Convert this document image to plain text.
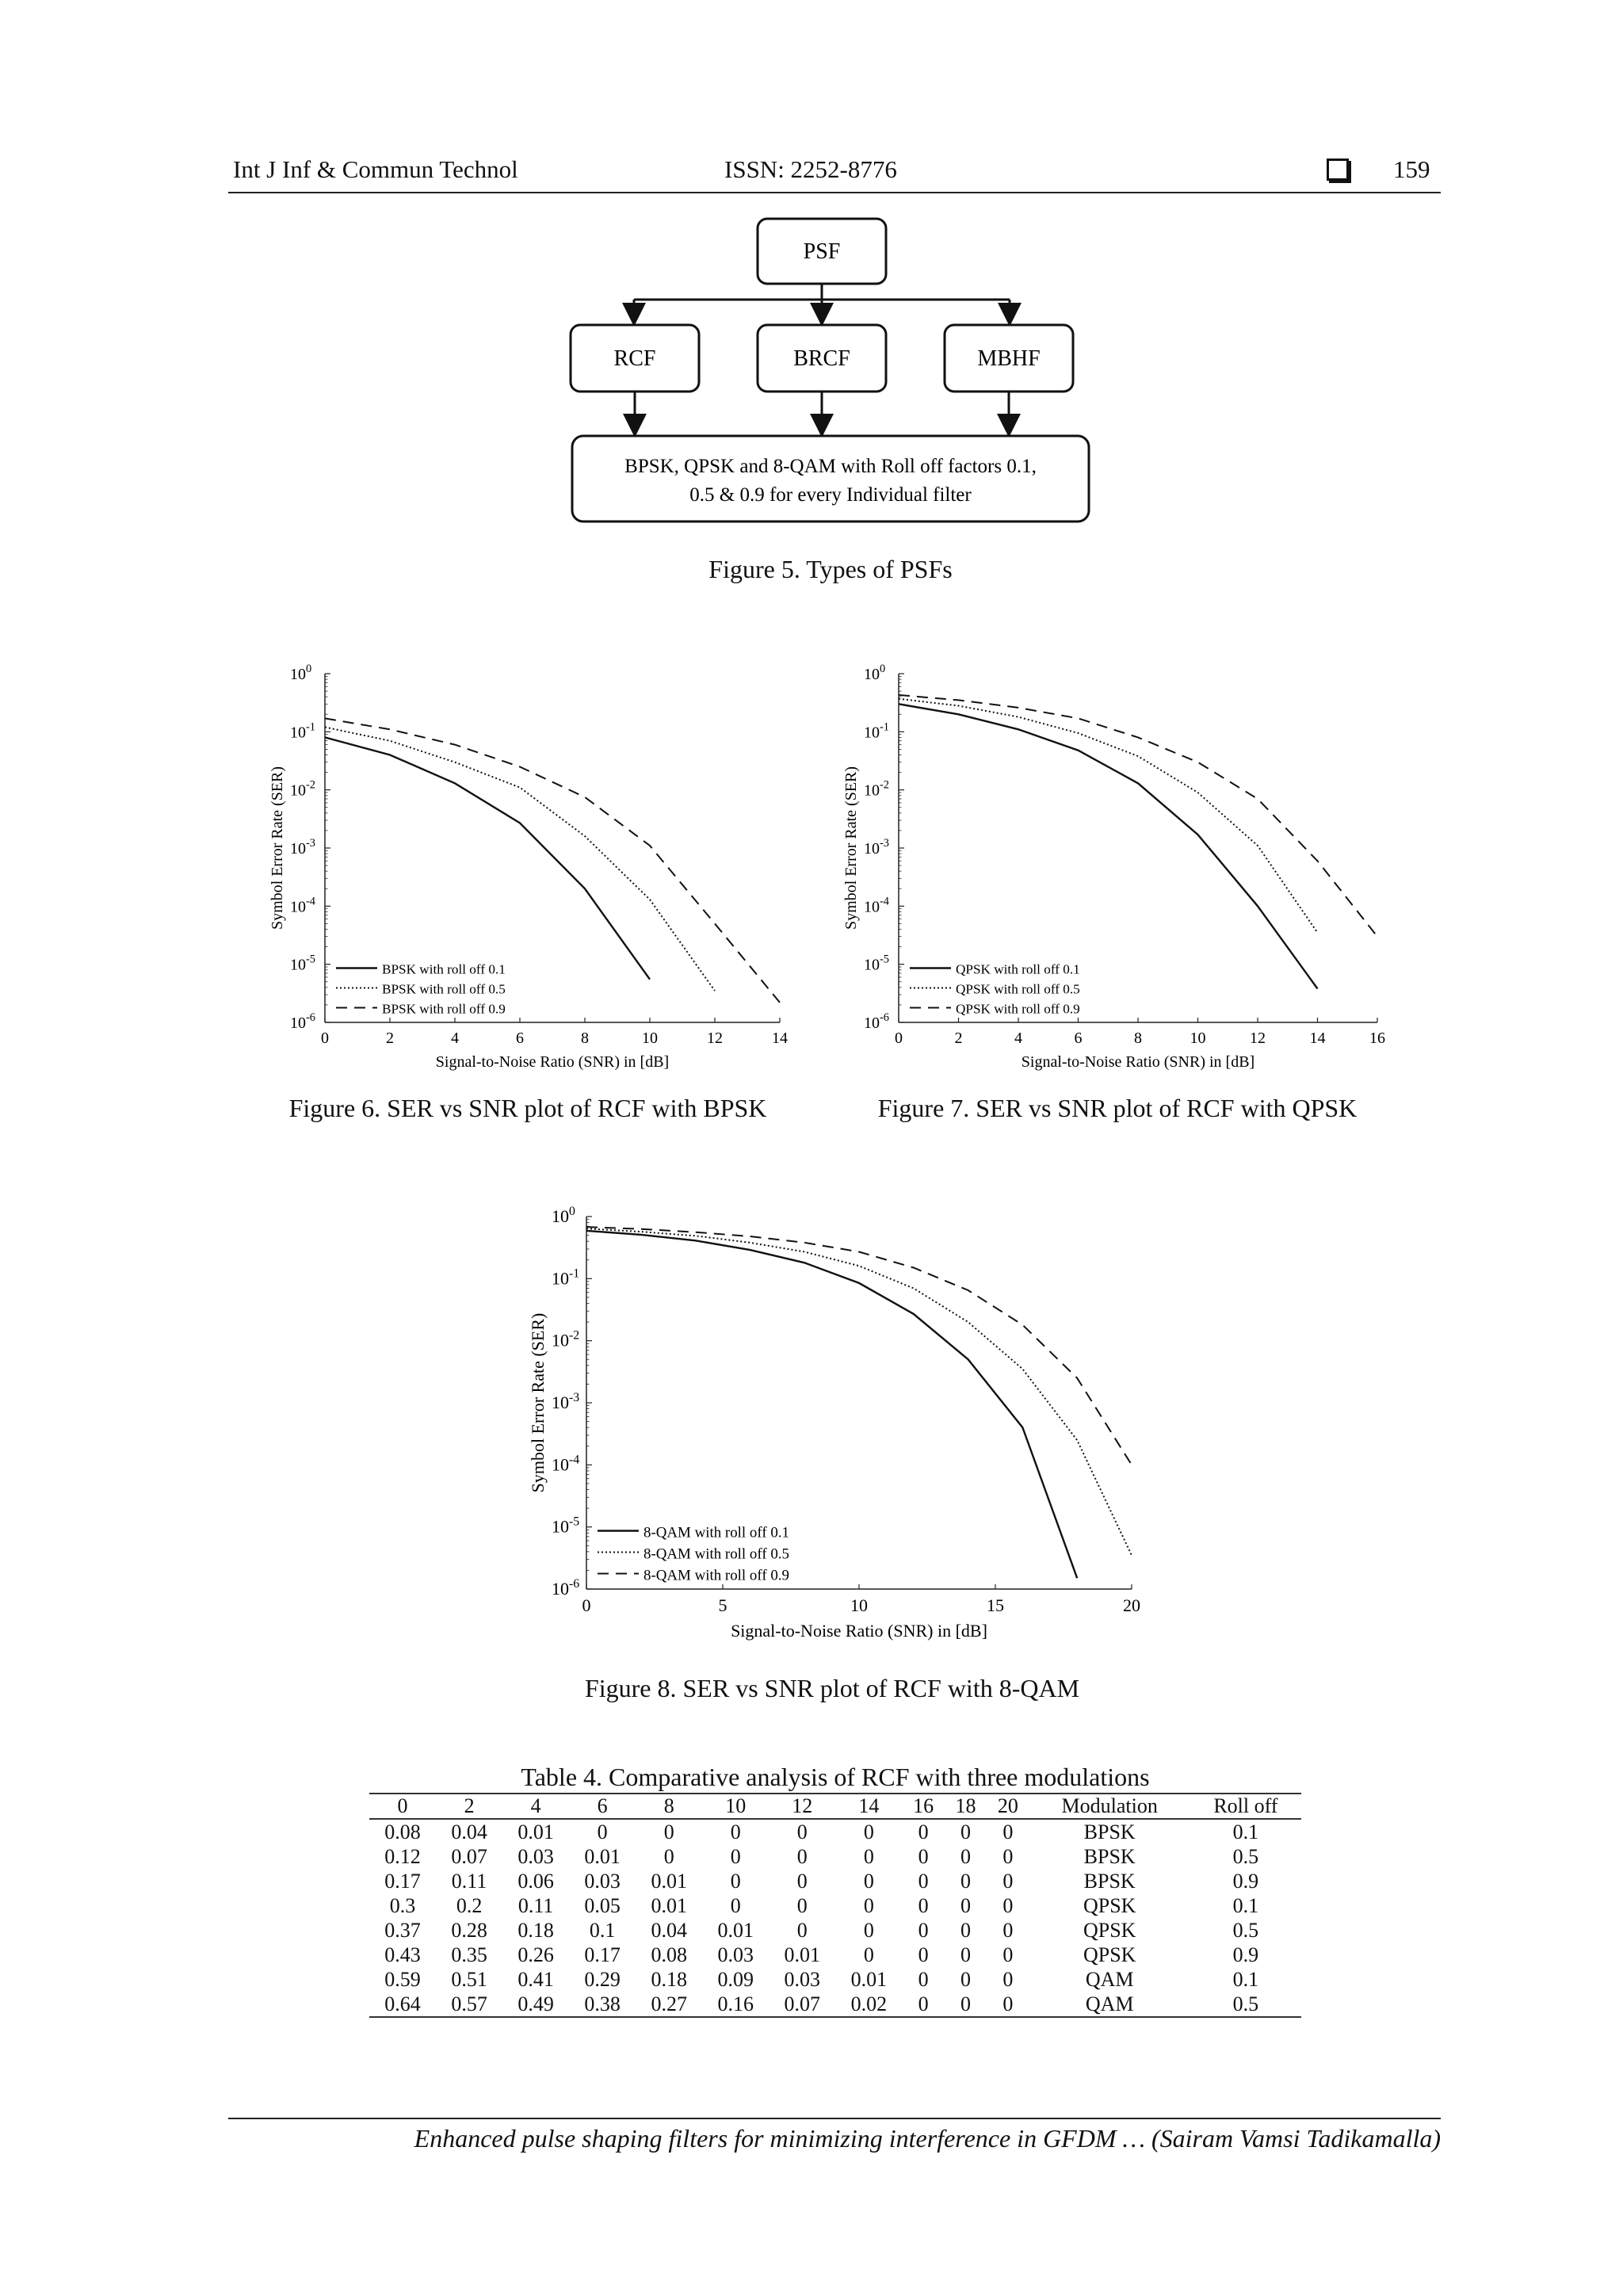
Int J Inf & Commun Technol	ISSN: 2252-8776	159
PSF
RCF	BRCF	MBHF
BPSK, QPSK and 8-QAM with Roll off factors 0.1,
0.5 & 0.9 for every Individual filter
Figure 5. Types of PSFs
0	2	4	6	8	10	12	14
$10^{-6}$
$10^{-5}$
$10^{-4}$
$10^{-3}$
$10^{-2}$
$10^{-1}$
$10^0$
Signal-to-Noise Ratio (SNR) in [dB]
Symbol Error Rate (SER)
BPSK with roll off 0.1
BPSK with roll off 0.5
BPSK with roll off 0.9
Figure 6. SER vs SNR plot of RCF with BPSK
0	2	4	6	8	10	12	14	16
$10^{-6}$
$10^{-5}$
$10^{-4}$
$10^{-3}$
$10^{-2}$
$10^{-1}$
$10^0$
Signal-to-Noise Ratio (SNR) in [dB]
Symbol Error Rate (SER)
QPSK with roll off 0.1
QPSK with roll off 0.5
QPSK with roll off 0.9
Figure 7. SER vs SNR plot of RCF with QPSK
0	5	10	15	20
$10^{-6}$
$10^{-5}$
$10^{-4}$
$10^{-3}$
$10^{-2}$
$10^{-1}$
$10^0$
Signal-to-Noise Ratio (SNR) in [dB]
Symbol Error Rate (SER)
8-QAM with roll off 0.1
8-QAM with roll off 0.5
8-QAM with roll off 0.9
Figure 8. SER vs SNR plot of RCF with 8-QAM
Table 4. Comparative analysis of RCF with three modulations
0	2	4	6	8	10	12	14	16	18	20	Modulation	Roll off
0.08	0.04	0.01	0	0	0	0	0	0	0	0	BPSK	0.1
0.12	0.07	0.03	0.01	0	0	0	0	0	0	0	BPSK	0.5
0.17	0.11	0.06	0.03	0.01	0	0	0	0	0	0	BPSK	0.9
0.3	0.2	0.11	0.05	0.01	0	0	0	0	0	0	QPSK	0.1
0.37	0.28	0.18	0.1	0.04	0.01	0	0	0	0	0	QPSK	0.5
0.43	0.35	0.26	0.17	0.08	0.03	0.01	0	0	0	0	QPSK	0.9
0.59	0.51	0.41	0.29	0.18	0.09	0.03	0.01	0	0	0	QAM	0.1
0.64	0.57	0.49	0.38	0.27	0.16	0.07	0.02	0	0	0	QAM	0.5
Enhanced pulse shaping filters for minimizing interference in GFDM … (Sairam Vamsi Tadikamalla)
